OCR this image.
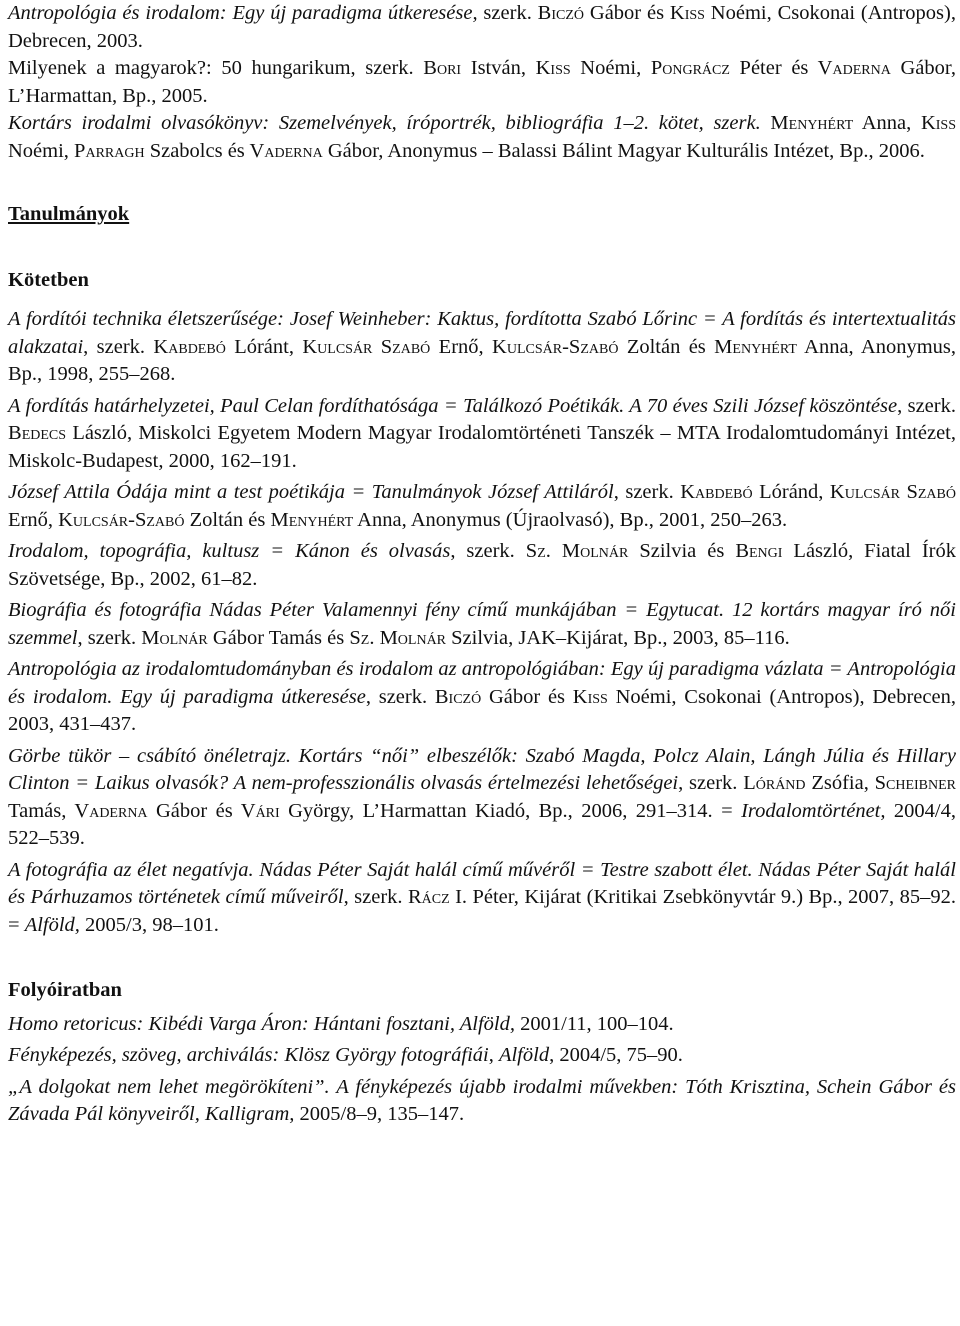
Antropológia és irodalom: Egy új paradigma útkeresése, szerk. Biczó Gábor és Kiss Noémi, Csokonai (Antropos), Debrecen, 2003.

Milyenek a magyarok?: 50 hungarikum, szerk. Bori István, Kiss Noémi, Pongrácz Péter és Vaderna Gábor, L’Harmattan, Bp., 2005.

Kortárs irodalmi olvasókönyv: Szemelvények, íróportrék, bibliográfia 1–2. kötet, szerk. Menyhért Anna, Kiss Noémi, Parragh Szabolcs és Vaderna Gábor, Anonymus – Balassi Bálint Magyar Kulturális Intézet, Bp., 2006.

Tanulmányok
Kötetben

A fordítói technika életszerűsége: Josef Weinheber: Kaktus, fordította Szabó Lőrinc = A fordítás és intertextualitás alakzatai, szerk. Kabdebó Lóránt, Kulcsár Szabó Ernő, Kulcsár-Szabó Zoltán és Menyhért Anna, Anonymus, Bp., 1998, 255–268.

A fordítás határhelyzetei, Paul Celan fordíthatósága = Találkozó Poétikák. A 70 éves Szili József köszöntése, szerk. Bedecs László, Miskolci Egyetem Modern Magyar Irodalomtörténeti Tanszék – MTA Irodalomtudományi Intézet, Miskolc-Budapest, 2000, 162–191.

József Attila Ódája mint a test poétikája = Tanulmányok József Attiláról, szerk. Kabdebó Lóránd, Kulcsár Szabó Ernő, Kulcsár-Szabó Zoltán és Menyhért Anna, Anonymus (Újraolvasó), Bp., 2001, 250–263.

Irodalom, topográfia, kultusz = Kánon és olvasás, szerk. Sz. Molnár Szilvia és Bengi László, Fiatal Írók Szövetsége, Bp., 2002, 61–82.

Biográfia és fotográfia Nádas Péter Valamennyi fény című munkájában = Egytucat. 12 kortárs magyar író női szemmel, szerk. Molnár Gábor Tamás és Sz. Molnár Szilvia, JAK–Kijárat, Bp., 2003, 85–116.

Antropológia az irodalomtudományban és irodalom az antropológiában: Egy új paradigma vázlata = Antropológia és irodalom. Egy új paradigma útkeresése, szerk. Biczó Gábor és Kiss Noémi, Csokonai (Antropos), Debrecen, 2003, 431–437.

Görbe tükör – csábító önéletrajz. Kortárs “női” elbeszélők: Szabó Magda, Polcz Alain, Lángh Júlia és Hillary Clinton = Laikus olvasók? A nem-professzionális olvasás értelmezési lehetőségei, szerk. Lóránd Zsófia, Scheibner Tamás, Vaderna Gábor és Vári György, L’Harmattan Kiadó, Bp., 2006, 291–314. = Irodalomtörténet, 2004/4, 522–539.

A fotográfia az élet negatívja. Nádas Péter Saját halál című művéről = Testre szabott élet. Nádas Péter Saját halál és Párhuzamos történetek című műveiről, szerk. Rácz I. Péter, Kijárat (Kritikai Zsebkönyvtár 9.) Bp., 2007, 85–92. = Alföld, 2005/3, 98–101.

Folyóiratban

Homo retoricus: Kibédi Varga Áron: Hántani fosztani, Alföld, 2001/11, 100–104.

Fényképezés, szöveg, archiválás: Klösz György fotográfiái, Alföld, 2004/5, 75–90.

„A dolgokat nem lehet megörökíteni”. A fényképezés újabb irodalmi művekben: Tóth Krisztina, Schein Gábor és Závada Pál könyveiről, Kalligram, 2005/8–9, 135–147.
